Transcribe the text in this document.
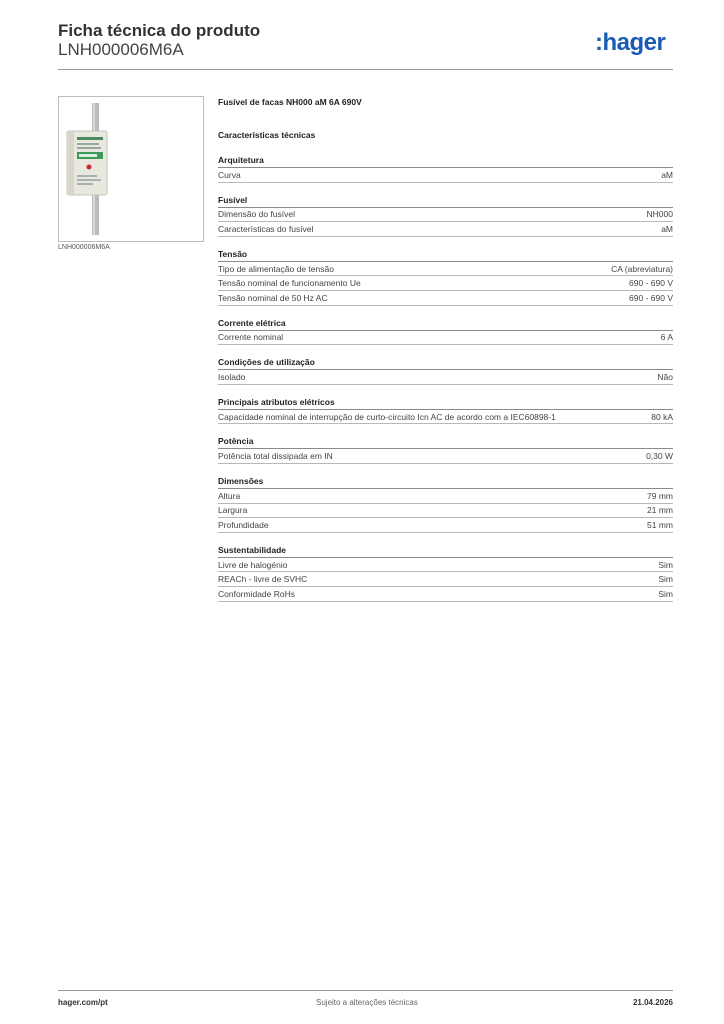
Ficha técnica do produto
LNH000006M6A	:hager
LNH000006M6A
Fusível de facas NH000 aM 6A 690V
Características técnicas
Arquitetura
Curva	aM
Fusível
Dimensão do fusível	NH000
Características do fusível	aM
Tensão
Tipo de alimentação de tensão	CA (abreviatura)
Tensão nominal de funcionamento Ue	690 - 690 V
Tensão nominal de 50 Hz AC	690 - 690 V
Corrente elétrica
Corrente nominal	6 A
Condições de utilização
Isolado	Não
Principais atributos elétricos
Capacidade nominal de interrupção de curto-circuito Icn AC de acordo com a IEC60898-1	80 kA
Potência
Potência total dissipada em IN	0,30 W
Dimensões
Altura	79 mm
Largura	21 mm
Profundidade	51 mm
Sustentabilidade
Livre de halogénio	Sim
REACh - livre de SVHC	Sim
Conformidade RoHs	Sim
hager.com/pt	Sujeito a alterações técnicas	21.04.2026
